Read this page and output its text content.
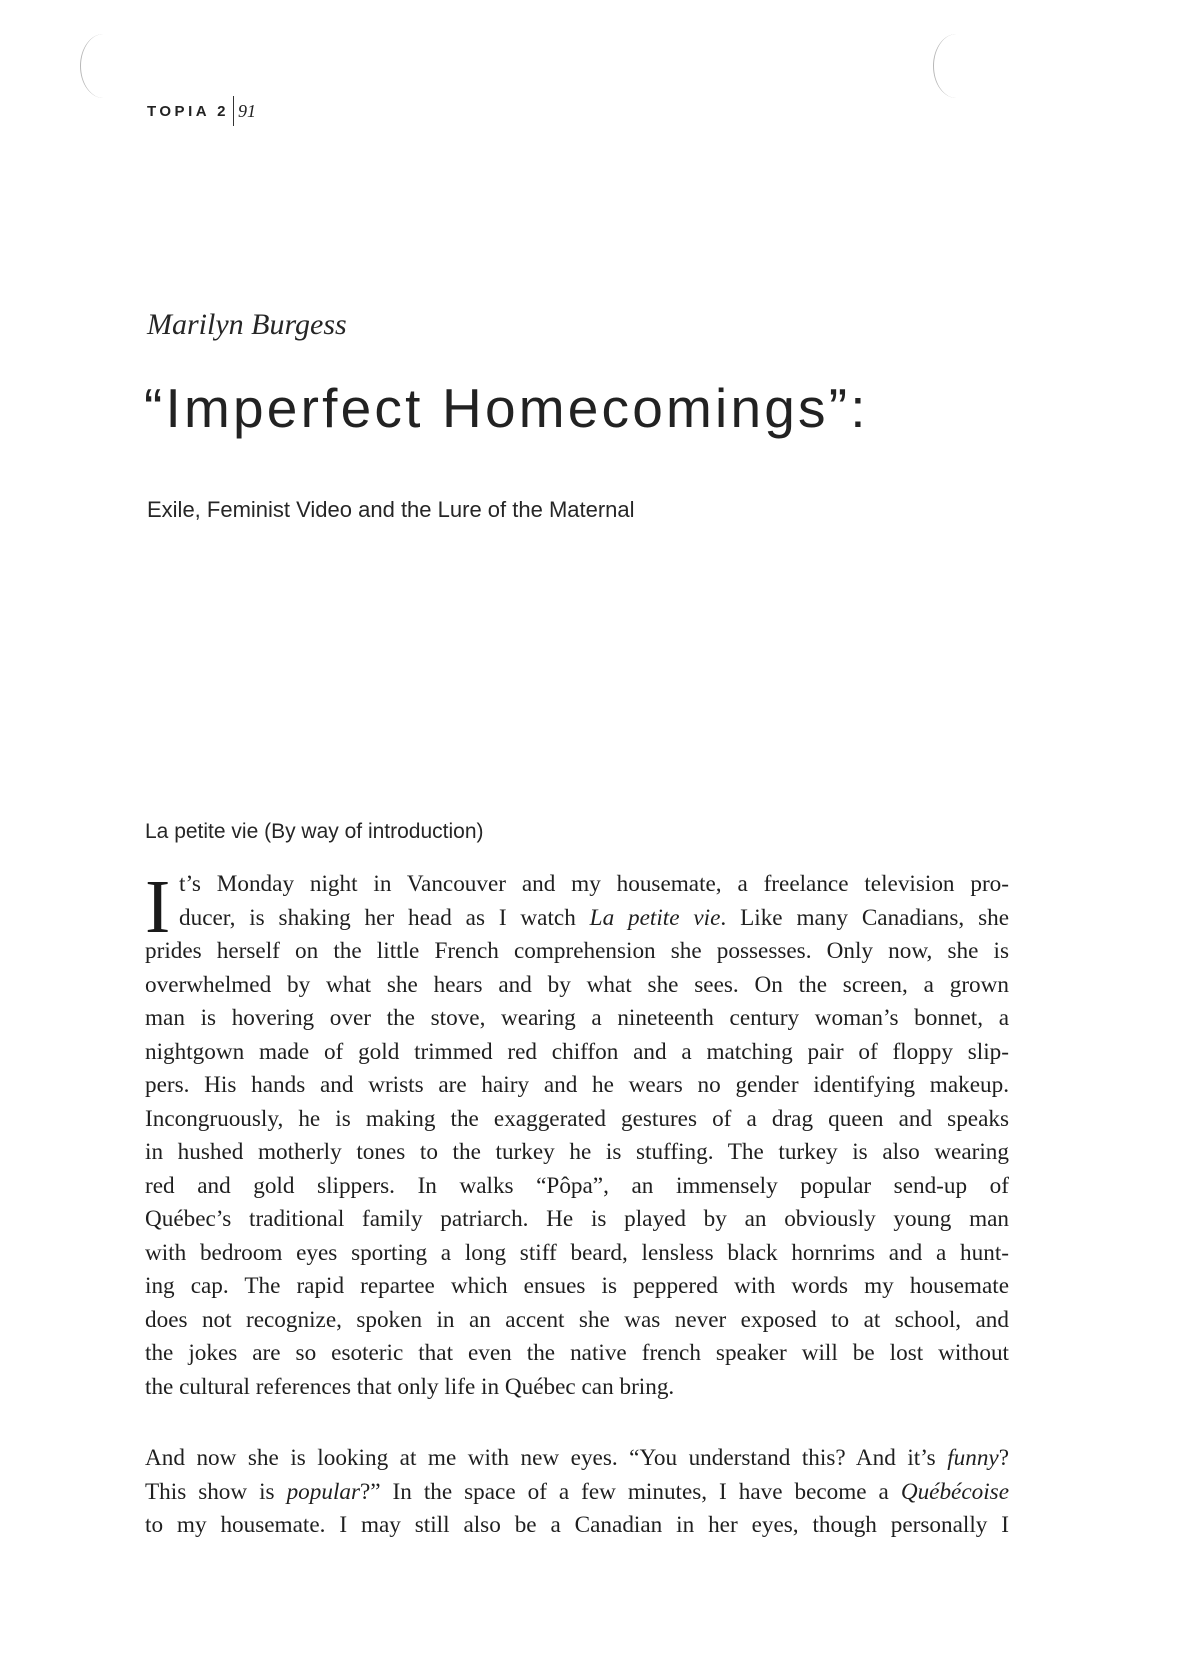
TOPIA 2 91
Marilyn Burgess
“Imperfect Homecomings”:
Exile, Feminist Video and the Lure of the Maternal
La petite vie (By way of introduction)
I t’s Monday night in Vancouver and my housemate, a freelance television pro-
ducer, is shaking her head as I watch La petite vie. Like many Canadians, she
prides herself on the little French comprehension she possesses. Only now, she is
overwhelmed by what she hears and by what she sees. On the screen, a grown
man is hovering over the stove, wearing a nineteenth century woman’s bonnet, a
nightgown made of gold trimmed red chiffon and a matching pair of floppy slip-
pers. His hands and wrists are hairy and he wears no gender identifying makeup.
Incongruously, he is making the exaggerated gestures of a drag queen and speaks
in hushed motherly tones to the turkey he is stuffing. The turkey is also wearing
red and gold slippers. In walks “Pôpa”, an immensely popular send-up of
Québec’s traditional family patriarch. He is played by an obviously young man
with bedroom eyes sporting a long stiff beard, lensless black hornrims and a hunt-
ing cap. The rapid repartee which ensues is peppered with words my housemate
does not recognize, spoken in an accent she was never exposed to at school, and
the jokes are so esoteric that even the native french speaker will be lost without
the cultural references that only life in Québec can bring.
And now she is looking at me with new eyes. “You understand this? And it’s funny?
This show is popular?” In the space of a few minutes, I have become a Québécoise
to my housemate. I may still also be a Canadian in her eyes, though personally I
